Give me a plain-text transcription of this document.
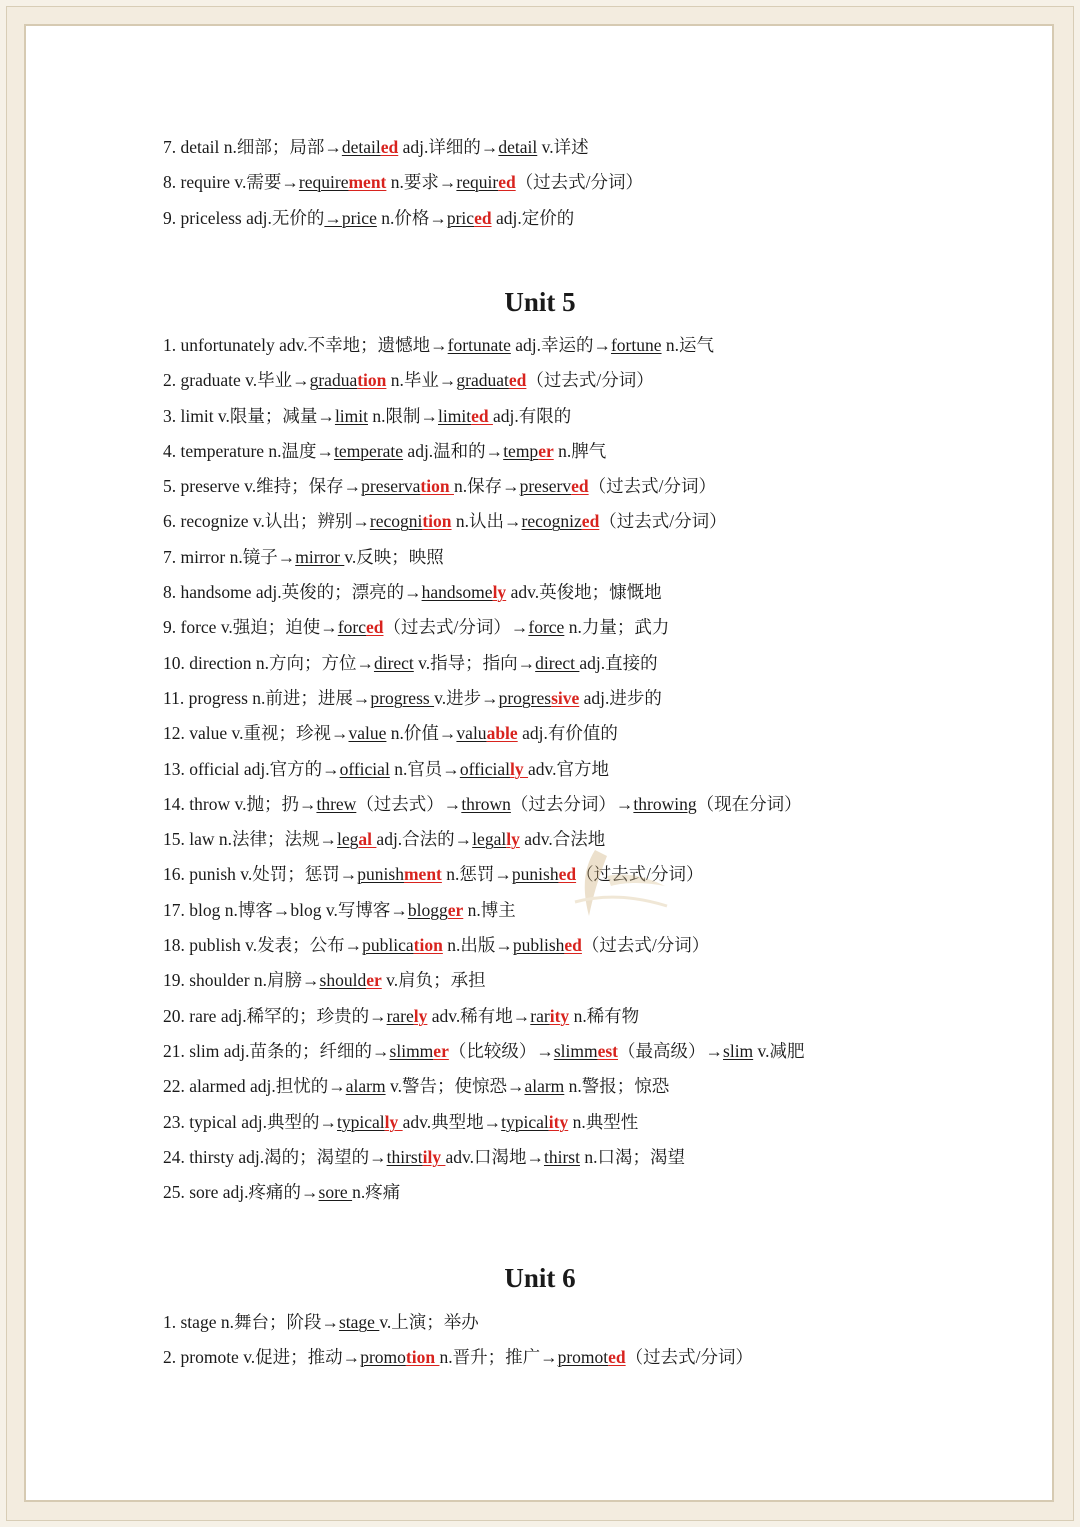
7. detail n.细部；局部→detailed adj.详细的→detail v.详述
8. require v.需要→requirement n.要求→required（过去式/分词）
9. priceless adj.无价的→price n.价格→priced adj.定价的
Unit 5
1. unfortunately adv.不幸地；遗憾地→fortunate adj.幸运的→fortune n.运气
2. graduate v.毕业→graduation n.毕业→graduated（过去式/分词）
3. limit v.限量；减量→limit n.限制→limited adj.有限的
4. temperature n.温度→temperate adj.温和的→temper n.脾气
5. preserve v.维持；保存→preservation n.保存→preserved（过去式/分词）
6. recognize v.认出；辨别→recognition n.认出→recognized（过去式/分词）
7. mirror n.镜子→mirror v.反映；映照
8. handsome adj.英俊的；漂亮的→handsomely adv.英俊地；慷慨地
9. force v.强迫；迫使→forced（过去式/分词）→force n.力量；武力
10. direction n.方向；方位→direct v.指导；指向→direct adj.直接的
11. progress n.前进；进展→progress v.进步→progressive adj.进步的
12. value v.重视；珍视→value n.价值→valuable adj.有价值的
13. official adj.官方的→official n.官员→officially adv.官方地
14. throw v.抛；扔→threw（过去式）→thrown（过去分词）→throwing（现在分词）
15. law n.法律；法规→legal adj.合法的→legally adv.合法地
16. punish v.处罚；惩罚→punishment n.惩罚→punished（过去式/分词）
17. blog n.博客→blog v.写博客→blogger n.博主
18. publish v.发表；公布→publication n.出版→published（过去式/分词）
19. shoulder n.肩膀→shoulder v.肩负；承担
20. rare adj.稀罕的；珍贵的→rarely adv.稀有地→rarity n.稀有物
21. slim adj.苗条的；纤细的→slimmer（比较级）→slimmest（最高级）→slim v.减肥
22. alarmed adj.担忧的→alarm v.警告；使惊恐→alarm n.警报；惊恐
23. typical adj.典型的→typically adv.典型地→typicality n.典型性
24. thirsty adj.渴的；渴望的→thirstily adv.口渴地→thirst n.口渴；渴望
25. sore adj.疼痛的→sore n.疼痛
Unit 6
1. stage n.舞台；阶段→stage v.上演；举办
2. promote v.促进；推动→promotion n.晋升；推广→promoted（过去式/分词）
